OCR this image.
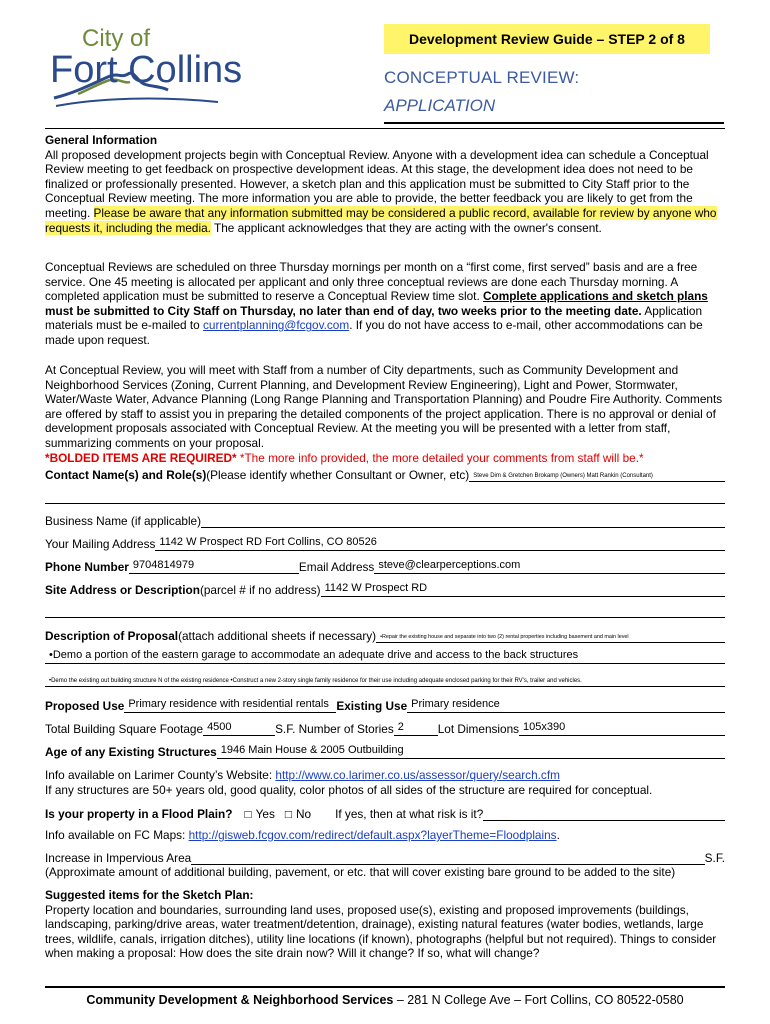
City of
Fort Collins
Development Review Guide – STEP 2 of 8
CONCEPTUAL REVIEW:
APPLICATION

General Information

All proposed development projects begin with Conceptual Review. Anyone with a development idea can schedule a Conceptual Review meeting to get feedback on prospective development ideas. At this stage, the development idea does not need to be finalized or professionally presented. However, a sketch plan and this application must be submitted to City Staff prior to the Conceptual Review meeting. The more information you are able to provide, the better feedback you are likely to get from the meeting. Please be aware that any information submitted may be considered a public record, available for review by anyone who requests it, including the media. The applicant acknowledges that they are acting with the owner's consent.

Conceptual Reviews are scheduled on three Thursday mornings per month on a “first come, first served” basis and are a free service. One 45 meeting is allocated per applicant and only three conceptual reviews are done each Thursday morning. A completed application must be submitted to reserve a Conceptual Review time slot. Complete applications and sketch plans must be submitted to City Staff on Thursday, no later than end of day, two weeks prior to the meeting date. Application materials must be e-mailed to currentplanning@fcgov.com. If you do not have access to e-mail, other accommodations can be made upon request.

At Conceptual Review, you will meet with Staff from a number of City departments, such as Community Development and Neighborhood Services (Zoning, Current Planning, and Development Review Engineering), Light and Power, Stormwater, Water/Waste Water, Advance Planning (Long Range Planning and Transportation Planning) and Poudre Fire Authority. Comments are offered by staff to assist you in preparing the detailed components of the project application. There is no approval or denial of development proposals associated with Conceptual Review. At the meeting you will be presented with a letter from staff, summarizing comments on your proposal.

*BOLDED ITEMS ARE REQUIRED* *The more info provided, the more detailed your comments from staff will be.*

Contact Name(s) and Role(s) (Please identify whether Consultant or Owner, etc) Steve Dim & Gretchen Brokamp (Owners) Matt Rankin (Consultant)
Business Name (if applicable)
Your Mailing Address 1142 W Prospect RD Fort Collins, CO 80526
Phone Number 9704814979	Email Address steve@clearperceptions.com
Site Address or Description (parcel # if no address) 1142 W Prospect RD
Description of Proposal (attach additional sheets if necessary) •Repair the existing house and separate into two (2) rental properties including basement and main level
•Demo a portion of the eastern garage to accommodate an adequate drive and access to the back structures
•Demo the existing out building structure N of the existing residence •Construct a new 2-story single family residence for their use including adequate enclosed parking for their RV's, trailer and vehicles.
Proposed Use Primary residence with residential rentals Existing Use Primary residence
Total Building Square Footage 4500	S.F. Number of Stories 2	Lot Dimensions 105x390
Age of any Existing Structures 1946 Main House & 2005 Outbuilding

Info available on Larimer County’s Website: http://www.co.larimer.co.us/assessor/query/search.cfm

If any structures are 50+ years old, good quality, color photos of all sides of the structure are required for conceptual.

Is your property in a Flood Plain? □ Yes □ No If yes, then at what risk is it?

Info available on FC Maps: http://gisweb.fcgov.com/redirect/default.aspx?layerTheme=Floodplains.

Increase in Impervious Area	S.F.

(Approximate amount of additional building, pavement, or etc. that will cover existing bare ground to be added to the site)

Suggested items for the Sketch Plan:

Property location and boundaries, surrounding land uses, proposed use(s), existing and proposed improvements (buildings, landscaping, parking/drive areas, water treatment/detention, drainage), existing natural features (water bodies, wetlands, large trees, wildlife, canals, irrigation ditches), utility line locations (if known), photographs (helpful but not required). Things to consider when making a proposal: How does the site drain now? Will it change? If so, what will change?

Community Development & Neighborhood Services – 281 N College Ave – Fort Collins, CO 80522-0580
